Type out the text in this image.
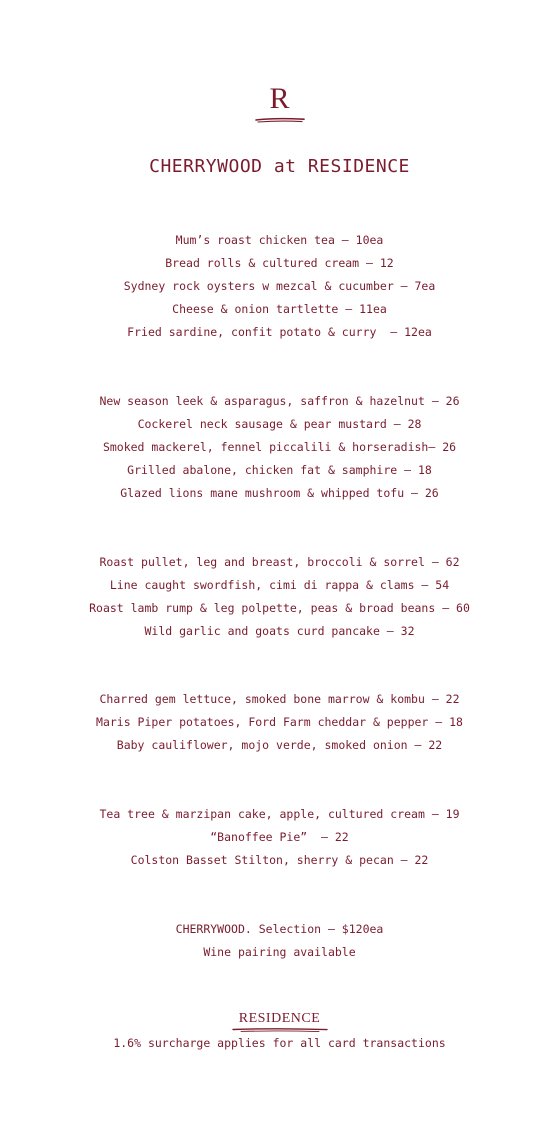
R
CHERRYWOOD at RESIDENCE
Mum’s roast chicken tea – 10ea
Bread rolls & cultured cream – 12
Sydney rock oysters w mezcal & cucumber – 7ea
Cheese & onion tartlette – 11ea
Fried sardine, confit potato & curry  – 12ea
New season leek & asparagus, saffron & hazelnut – 26
Cockerel neck sausage & pear mustard – 28
Smoked mackerel, fennel piccalili & horseradish– 26
Grilled abalone, chicken fat & samphire – 18
Glazed lions mane mushroom & whipped tofu – 26
Roast pullet, leg and breast, broccoli & sorrel – 62
Line caught swordfish, cimi di rappa & clams – 54
Roast lamb rump & leg polpette, peas & broad beans – 60
Wild garlic and goats curd pancake – 32
Charred gem lettuce, smoked bone marrow & kombu – 22
Maris Piper potatoes, Ford Farm cheddar & pepper – 18
Baby cauliflower, mojo verde, smoked onion – 22
Tea tree & marzipan cake, apple, cultured cream – 19
“Banoffee Pie”  – 22
Colston Basset Stilton, sherry & pecan – 22
CHERRYWOOD. Selection – $120ea
Wine pairing available
RESIDENCE
1.6% surcharge applies for all card transactions
